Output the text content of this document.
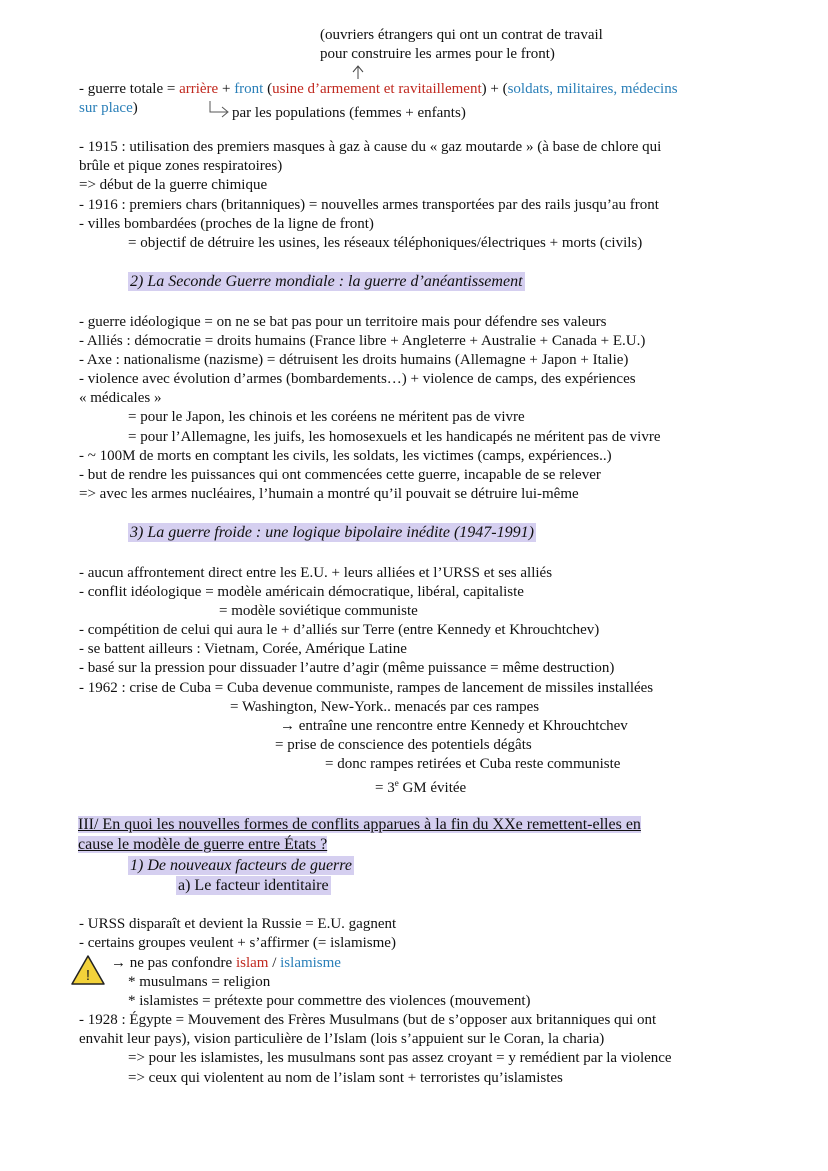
(ouvriers étrangers qui ont un contrat de travail
pour construire les armes pour le front)
- guerre totale = arrière + front (usine d’armement et ravitaillement) + (soldats, militaires, médecins
sur place)	par les populations (femmes + enfants)
- 1915 : utilisation des premiers masques à gaz à cause du « gaz moutarde » (à base de chlore qui
brûle et pique zones respiratoires)
=> début de la guerre chimique
- 1916 : premiers chars (britanniques) = nouvelles armes transportées par des rails jusqu’au front
- villes bombardées (proches de la ligne de front)
= objectif de détruire les usines, les réseaux téléphoniques/électriques + morts (civils)
2) La Seconde Guerre mondiale : la guerre d’anéantissement
- guerre idéologique = on ne se bat pas pour un territoire mais pour défendre ses valeurs
- Alliés : démocratie = droits humains (France libre + Angleterre + Australie + Canada + E.U.)
- Axe : nationalisme (nazisme) = détruisent les droits humains (Allemagne + Japon + Italie)
- violence avec évolution d’armes (bombardements…) + violence de camps, des expériences
« médicales »
= pour le Japon, les chinois et les coréens ne méritent pas de vivre
= pour l’Allemagne, les juifs, les homosexuels et les handicapés ne méritent pas de vivre
- ~ 100M de morts en comptant les civils, les soldats, les victimes (camps, expériences..)
- but de rendre les puissances qui ont commencées cette guerre, incapable de se relever
=> avec les armes nucléaires, l’humain a montré qu’il pouvait se détruire lui-même
3) La guerre froide : une logique bipolaire inédite (1947-1991)
- aucun affrontement direct entre les E.U. + leurs alliées et l’URSS et ses alliés
- conflit idéologique = modèle américain démocratique, libéral, capitaliste
= modèle soviétique communiste
- compétition de celui qui aura le + d’alliés sur Terre (entre Kennedy et Khrouchtchev)
- se battent ailleurs : Vietnam, Corée, Amérique Latine
- basé sur la pression pour dissuader l’autre d’agir (même puissance = même destruction)
- 1962 : crise de Cuba = Cuba devenue communiste, rampes de lancement de missiles installées
= Washington, New-York.. menacés par ces rampes
→ entraîne une rencontre entre Kennedy et Khrouchtchev
= prise de conscience des potentiels dégâts
= donc rampes retirées et Cuba reste communiste
= $3^e$ GM évitée
III/ En quoi les nouvelles formes de conflits apparues à la fin du XXe remettent-elles en
cause le modèle de guerre entre États ?
1) De nouveaux facteurs de guerre
a) Le facteur identitaire
- URSS disparaît et devient la Russie = E.U. gagnent
- certains groupes veulent + s’affirmer (= islamisme)
!
→ ne pas confondre islam / islamisme
* musulmans = religion
* islamistes = prétexte pour commettre des violences (mouvement)
- 1928 : Égypte = Mouvement des Frères Musulmans (but de s’opposer aux britanniques qui ont
envahit leur pays), vision particulière de l’Islam (lois s’appuient sur le Coran, la charia)
=> pour les islamistes, les musulmans sont pas assez croyant = y remédient par la violence
=> ceux qui violentent au nom de l’islam sont + terroristes qu’islamistes
